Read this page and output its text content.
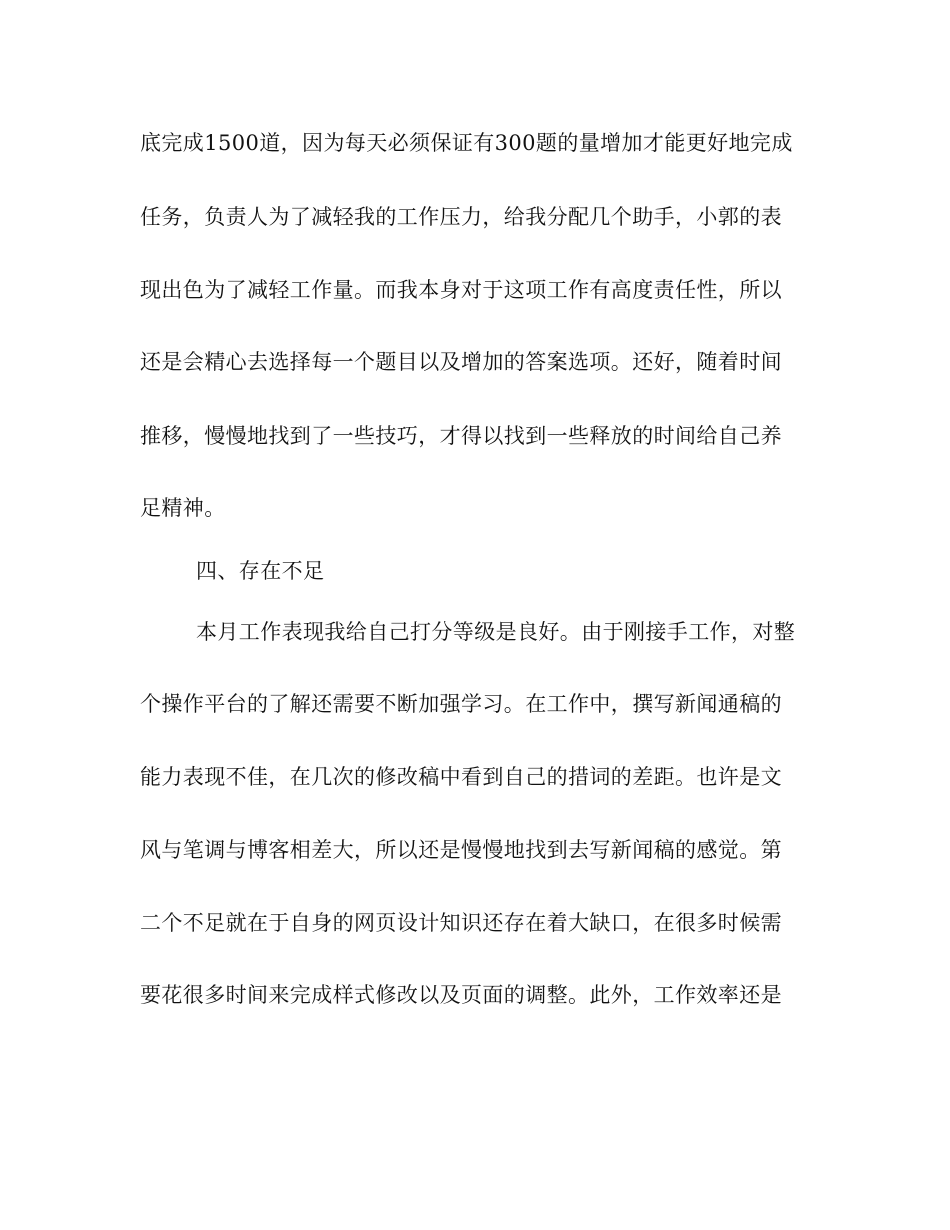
底完成1500道，因为每天必须保证有300题的量增加才能更好地完成
任务，负责人为了减轻我的工作压力，给我分配几个助手，小郭的表
现出色为了减轻工作量。而我本身对于这项工作有高度责任性，所以
还是会精心去选择每一个题目以及增加的答案选项。还好，随着时间
推移，慢慢地找到了一些技巧，才得以找到一些释放的时间给自己养
足精神。
四、存在不足
本月工作表现我给自己打分等级是良好。由于刚接手工作，对整
个操作平台的了解还需要不断加强学习。在工作中，撰写新闻通稿的
能力表现不佳，在几次的修改稿中看到自己的措词的差距。也许是文
风与笔调与博客相差大，所以还是慢慢地找到去写新闻稿的感觉。第
二个不足就在于自身的网页设计知识还存在着大缺口，在很多时候需
要花很多时间来完成样式修改以及页面的调整。此外，工作效率还是
